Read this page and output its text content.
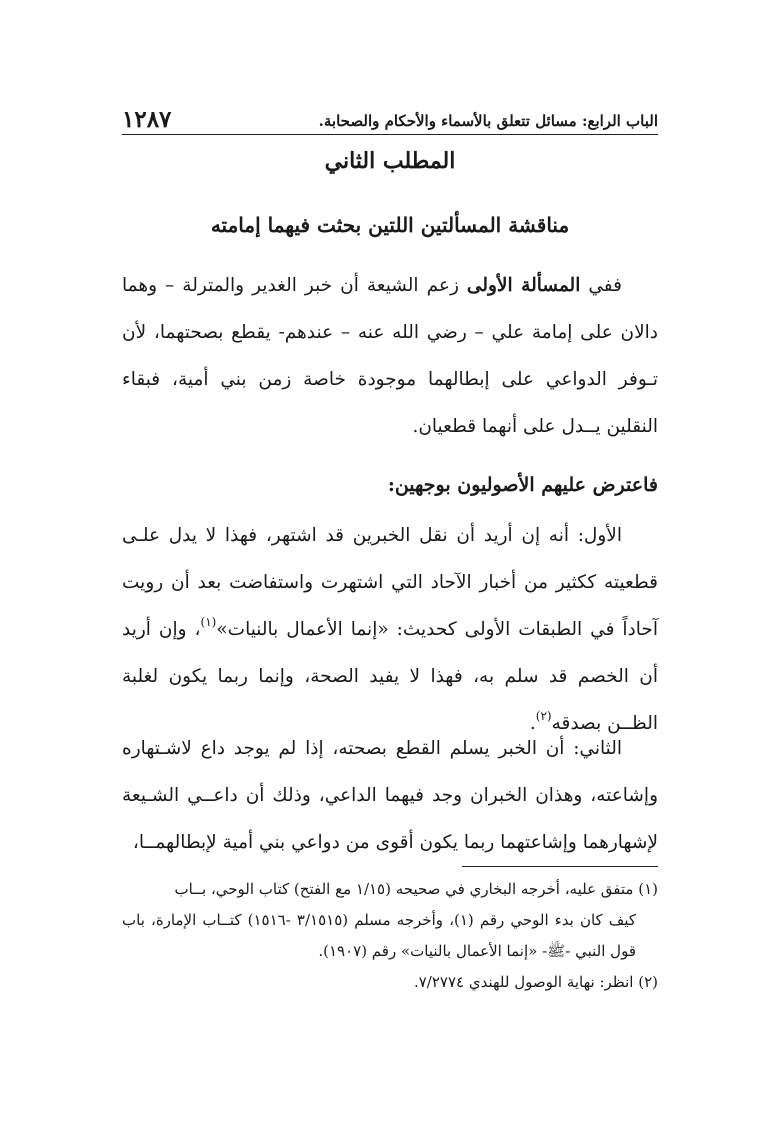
الباب الرابع: مسائل تتعلق بالأسماء والأحكام والصحابة.
١٢٨٧
المطلب الثاني
مناقشة المسألتين اللتين بحثت فيهما إمامته

ففي المسألة الأولى زعم الشيعة أن خبر الغدير والمترلة – وهما دالان على إمامة علي – رضي الله عنه – عندهم- يقطع بصحتهما، لأن تـوفر الدواعي على إبطالهما موجودة خاصة زمن بني أمية، فبقاء النقلين يــدل على أنهما قطعيان.

فاعترض عليهم الأصوليون بوجهين:

الأول: أنه إن أريد أن نقل الخبرين قد اشتهر، فهذا لا يدل علـى قطعيته ككثير من أخبار الآحاد التي اشتهرت واستفاضت بعد أن رويت آحاداً في الطبقات الأولى كحديث: «إنما الأعمال بالنيات»$^{(١)}$، وإن أريد أن الخصم قد سلم به، فهذا لا يفيد الصحة، وإنما ربما يكون لغلبة الظــن بصدقه$^{(٢)}$.

الثاني: أن الخبر يسلم القطع بصحته، إذا لم يوجد داع لاشـتهاره وإشاعته، وهذان الخبران وجد فيهما الداعي، وذلك أن داعــي الشـيعة لإشهارهما وإشاعتهما ربما يكون أقوى من دواعي بني أمية لإبطالهمــا،

(١) متفق عليه، أخرجه البخاري في صحيحه (١/١٥ مع الفتح) كتاب الوحي، بــاب

كيف كان بدء الوحي رقم (١)، وأخرجه مسلم (٣/١٥١٥ -١٥١٦) كتــاب الإمارة، باب قول النبي -ﷺ- «إنما الأعمال بالنيات» رقم (١٩٠٧).

(٢) انظر: نهاية الوصول للهندي ٧/٢٧٧٤.
